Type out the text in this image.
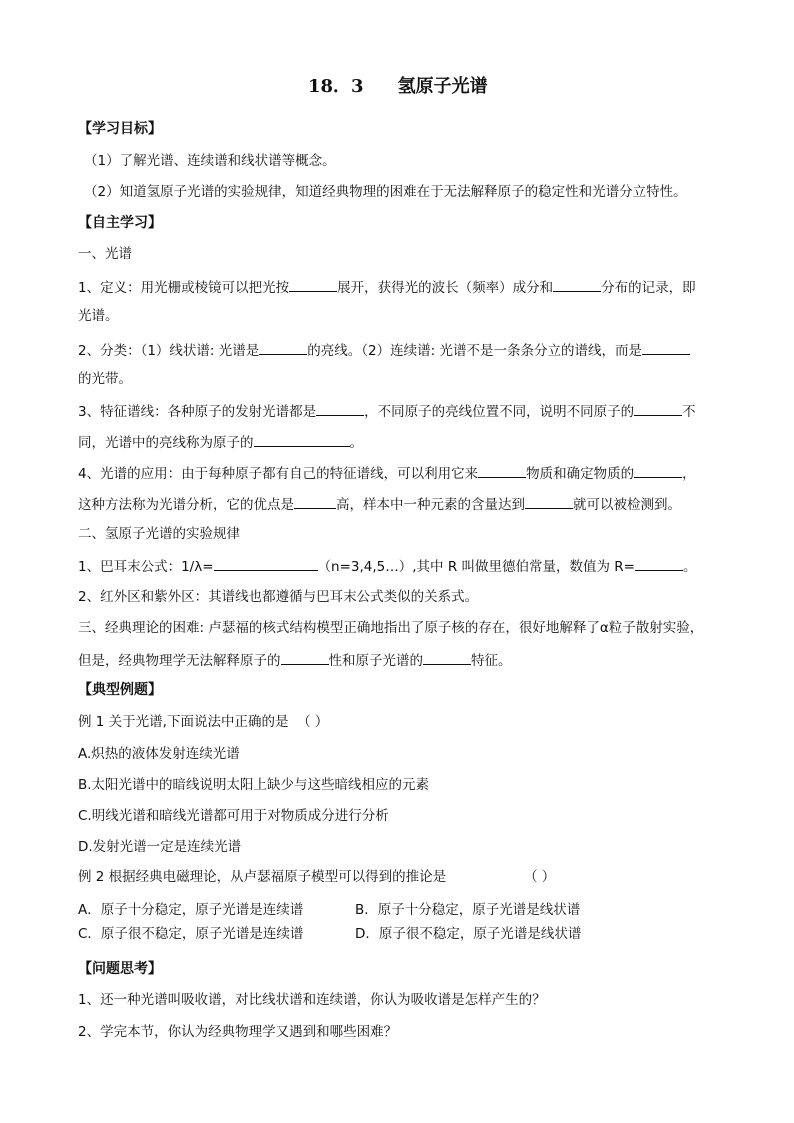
18．3 氢原子光谱
【学习目标】
（1）了解光谱、连续谱和线状谱等概念。
（2）知道氢原子光谱的实验规律，知道经典物理的困难在于无法解释原子的稳定性和光谱分立特性。
【自主学习】
一、光谱
1、定义：用光栅或棱镜可以把光按	展开，获得光的波长（频率）成分和	分布的记录，即
光谱。
2、分类：（1）线状谱: 光谱是	的亮线。（2）连续谱: 光谱不是一条条分立的谱线，而是
的光带。
3、特征谱线：各种原子的发射光谱都是	，不同原子的亮线位置不同，说明不同原子的	不
同，光谱中的亮线称为原子的	。
4、光谱的应用：由于每种原子都有自己的特征谱线，可以利用它来	物质和确定物质的	，
这种方法称为光谱分析，它的优点是	高，样本中一种元素的含量达到	就可以被检测到。
二、氢原子光谱的实验规律
1、巴耳末公式：1/λ=	（n=3,4,5…）,其中 R 叫做里德伯常量，数值为 R=	。
2、红外区和紫外区：其谱线也都遵循与巴耳末公式类似的关系式。
三、经典理论的困难: 卢瑟福的核式结构模型正确地指出了原子核的存在，很好地解释了α粒子散射实验，
但是，经典物理学无法解释原子的	性和原子光谱的	特征。
【典型例题】
例 1 关于光谱,下面说法中正确的是 （ ）
A.炽热的液体发射连续光谱
B.太阳光谱中的暗线说明太阳上缺少与这些暗线相应的元素
C.明线光谱和暗线光谱都可用于对物质成分进行分析
D.发射光谱一定是连续光谱
例 2 根据经典电磁理论，从卢瑟福原子模型可以得到的推论是	（ ）
A．原子十分稳定，原子光谱是连续谱	B．原子十分稳定，原子光谱是线状谱
C．原子很不稳定，原子光谱是连续谱	D．原子很不稳定，原子光谱是线状谱
【问题思考】
1、还一种光谱叫吸收谱，对比线状谱和连续谱，你认为吸收谱是怎样产生的？
2、学完本节，你认为经典物理学又遇到和哪些困难？
